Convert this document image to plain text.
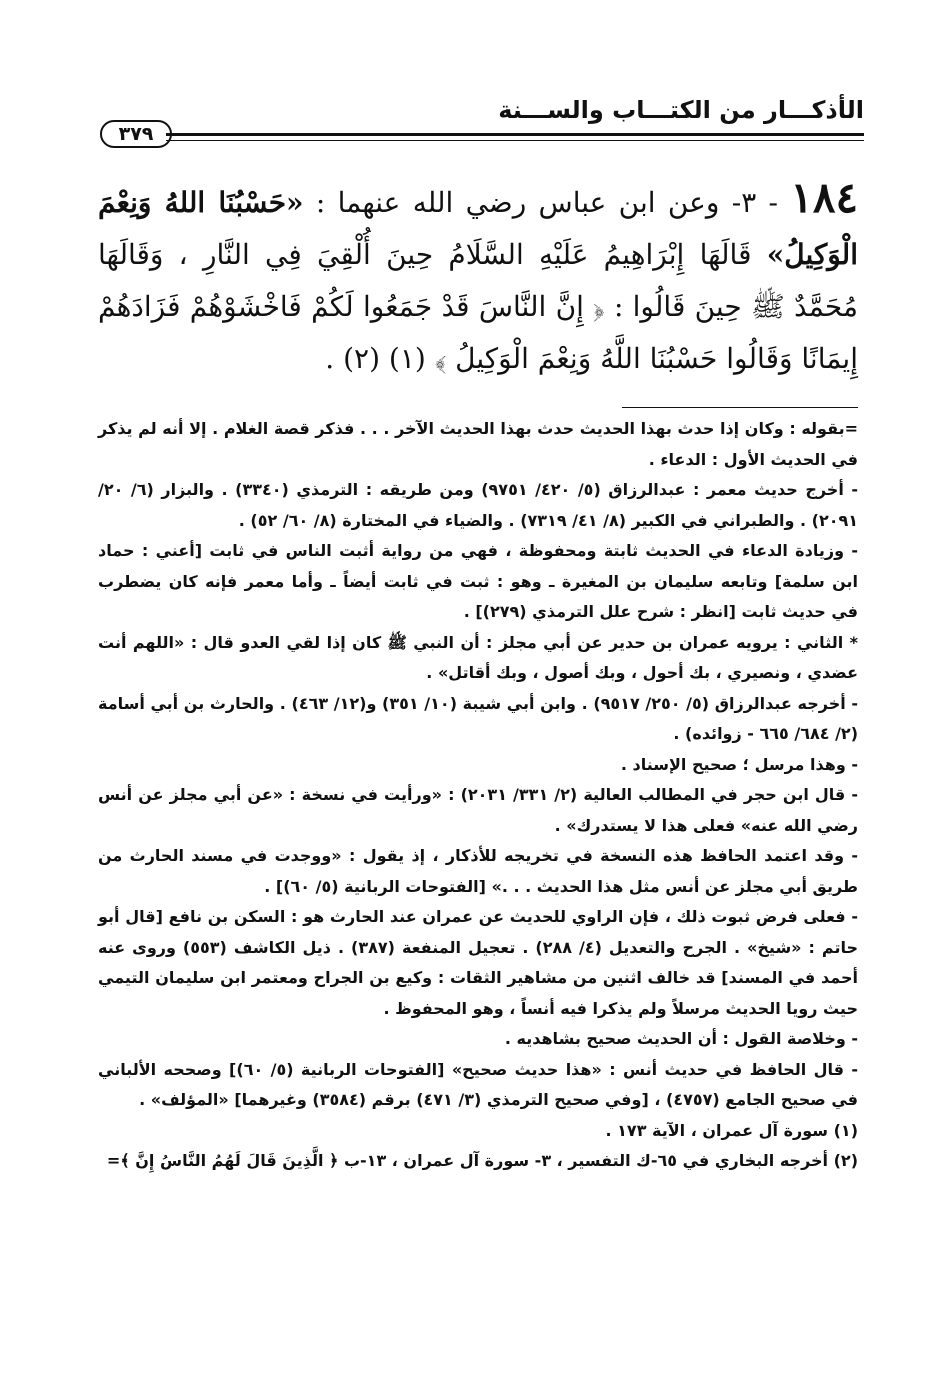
الأذكـــار من الكتـــاب والســـنة
٣٧٩
١٨٤ - ٣- وعن ابن عباس رضي الله عنهما : «حَسْبُنَا اللهُ وَنِعْمَ الْوَكِيلُ» قَالَهَا إِبْرَاهِيمُ عَلَيْهِ السَّلَامُ حِينَ أُلْقِيَ فِي النَّارِ ، وَقَالَهَا مُحَمَّدٌ ﷺ حِينَ قَالُوا : ﴿ إِنَّ النَّاسَ قَدْ جَمَعُوا لَكُمْ فَاخْشَوْهُمْ فَزَادَهُمْ إِيمَانًا وَقَالُوا حَسْبُنَا اللَّهُ وَنِعْمَ الْوَكِيلُ ﴾ (١) (٢) .

=بقوله : وكان إذا حدث بهذا الحديث حدث بهذا الحديث الآخر . . . فذكر قصة الغلام . إلا أنه لم يذكر في الحديث الأول : الدعاء .

- أخرج حديث معمر : عبدالرزاق (٥/ ٤٢٠/ ٩٧٥١) ومن طريقه : الترمذي (٣٣٤٠) . والبزار (٦/ ٢٠/ ٢٠٩١) . والطبراني في الكبير (٨/ ٤١/ ٧٣١٩) . والضياء في المختارة (٨/ ٦٠/ ٥٢) .

- وزيادة الدعاء في الحديث ثابتة ومحفوظة ، فهي من رواية أثبت الناس في ثابت [أعني : حماد ابن سلمة] وتابعه سليمان بن المغيرة ـ وهو : ثبت في ثابت أيضاً ـ وأما معمر فإنه كان يضطرب في حديث ثابت [انظر : شرح علل الترمذي (٢٧٩)] .

* الثاني : يرويه عمران بن حدير عن أبي مجلز : أن النبي ﷺ كان إذا لقي العدو قال : «اللهم أنت عضدي ، ونصيري ، بك أحول ، وبك أصول ، وبك أقاتل» .

- أخرجه عبدالرزاق (٥/ ٢٥٠/ ٩٥١٧) . وابن أبي شيبة (١٠/ ٣٥١) و(١٢/ ٤٦٣) . والحارث بن أبي أسامة (٢/ ٦٨٤/ ٦٦٥ - زوائده) .

- وهذا مرسل ؛ صحيح الإسناد .

- قال ابن حجر في المطالب العالية (٢/ ٣٣١/ ٢٠٣١) : «ورأيت في نسخة : «عن أبي مجلز عن أنس رضي الله عنه» فعلى هذا لا يستدرك» .

- وقد اعتمد الحافظ هذه النسخة في تخريجه للأذكار ، إذ يقول : «ووجدت في مسند الحارث من طريق أبي مجلز عن أنس مثل هذا الحديث . . .» [الفتوحات الربانية (٥/ ٦٠)] .

- فعلى فرض ثبوت ذلك ، فإن الراوي للحديث عن عمران عند الحارث هو : السكن بن نافع [قال أبو حاتم : «شيخ» . الجرح والتعديل (٤/ ٢٨٨) . تعجيل المنفعة (٣٨٧) . ذيل الكاشف (٥٥٣) وروى عنه أحمد في المسند] قد خالف اثنين من مشاهير الثقات : وكيع بن الجراح ومعتمر ابن سليمان التيمي حيث رويا الحديث مرسلاً ولم يذكرا فيه أنساً ، وهو المحفوظ .

- وخلاصة القول : أن الحديث صحيح بشاهديه .

- قال الحافظ في حديث أنس : «هذا حديث صحيح» [الفتوحات الربانية (٥/ ٦٠)] وصححه الألباني في صحيح الجامع (٤٧٥٧) ، [وفي صحيح الترمذي (٣/ ٤٧١) برقم (٣٥٨٤) وغيرهما] «المؤلف» .

(١) سورة آل عمران ، الآية ١٧٣ .

(٢) أخرجه البخاري في ٦٥-ك التفسير ، ٣- سورة آل عمران ، ١٣-ب ﴿ الَّذِينَ قَالَ لَهُمُ النَّاسُ إِنَّ ﴾=
